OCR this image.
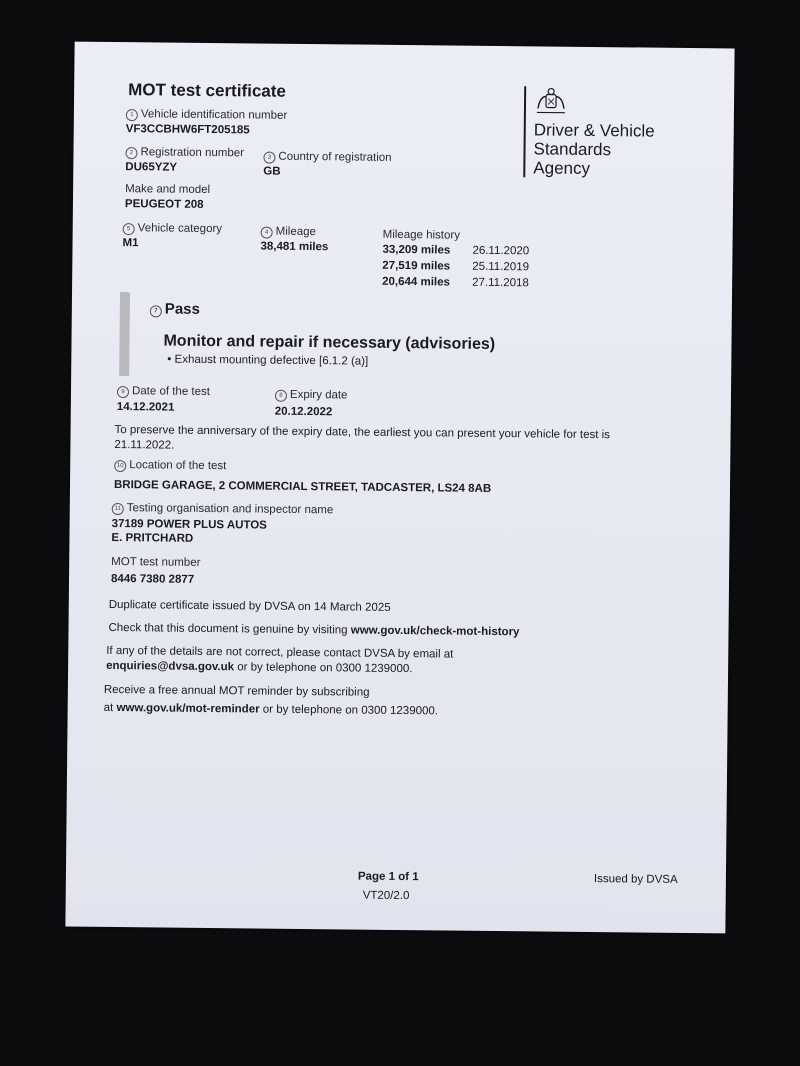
MOT test certificate
1 Vehicle identification number
VF3CCBHW6FT205185
2 Registration number
DU65YZY
3 Country of registration
GB
Make and model
PEUGEOT 208
5 Vehicle category
M1
4 Mileage
38,481 miles
Mileage history
33,209 miles 26.11.2020
27,519 miles 25.11.2019
20,644 miles 27.11.2018
Driver & Vehicle
Standards
Agency
7 Pass
Monitor and repair if necessary (advisories)
• Exhaust mounting defective [6.1.2 (a)]
9 Date of the test
14.12.2021
8 Expiry date
20.12.2022
To preserve the anniversary of the expiry date, the earliest you can present your vehicle for test is
21.11.2022.
10 Location of the test
BRIDGE GARAGE, 2 COMMERCIAL STREET, TADCASTER, LS24 8AB
11 Testing organisation and inspector name
37189 POWER PLUS AUTOS
E. PRITCHARD
MOT test number
8446 7380 2877
Duplicate certificate issued by DVSA on 14 March 2025
Check that this document is genuine by visiting www.gov.uk/check-mot-history
If any of the details are not correct, please contact DVSA by email at
enquiries@dvsa.gov.uk or by telephone on 0300 1239000.
Receive a free annual MOT reminder by subscribing
at www.gov.uk/mot-reminder or by telephone on 0300 1239000.
Page 1 of 1
VT20/2.0
Issued by DVSA
